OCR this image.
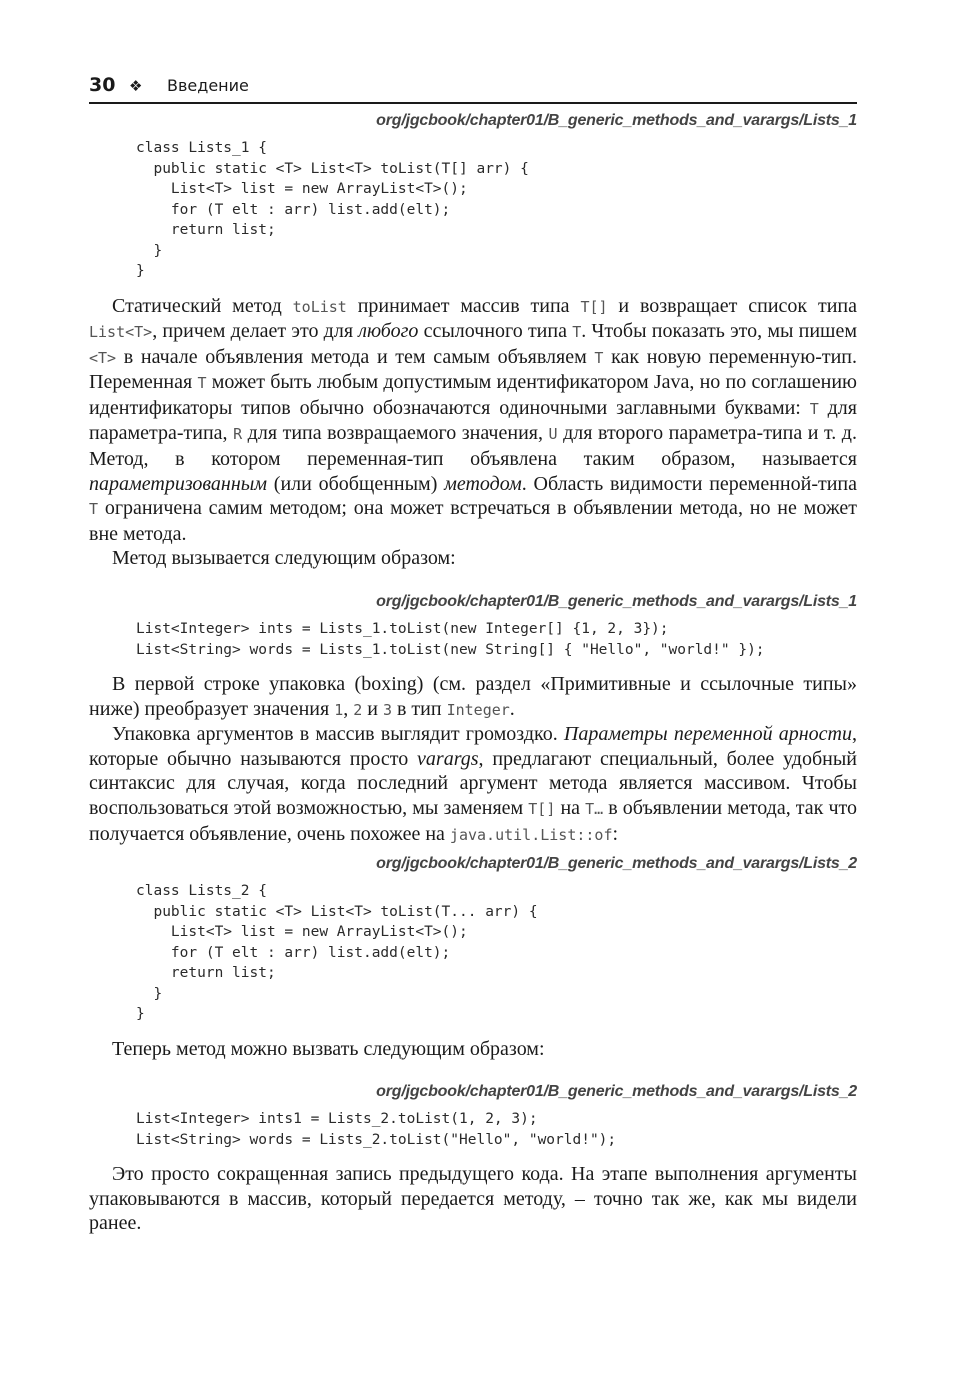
30 ❖	Введение
org/jgcbook/chapter01/B_generic_methods_and_varargs/Lists_1
class Lists_1 {
public static <T> List<T> toList(T[] arr) {
List<T> list = new ArrayList<T>();
for (T elt : arr) list.add(elt);
return list;
}
}

Статический метод toList принимает массив типа T[] и возвращает список типа List<T>, причем делает это для любого ссылочного типа T. Чтобы показать это, мы пишем <T> в начале объявления метода и тем самым объявляем T как новую переменную-тип. Переменная T может быть любым допустимым идентификатором Java, но по соглашению идентификаторы типов обычно обозначаются одиночными заглавными буквами: T для параметра-типа, R для типа возвращаемого значения, U для второго параметра-типа и т. д. Метод, в котором переменная-тип объявлена таким образом, называется параметризованным (или обобщенным) методом. Область видимости переменной-типа T ограничена самим методом; она может встречаться в объявлении метода, но не может вне метода.

Метод вызывается следующим образом:

org/jgcbook/chapter01/B_generic_methods_and_varargs/Lists_1
List<Integer> ints = Lists_1.toList(new Integer[] {1, 2, 3});
List<String> words = Lists_1.toList(new String[] { "Hello", "world!" });

В первой строке упаковка (boxing) (см. раздел «Примитивные и ссылочные типы» ниже) преобразует значения 1, 2 и 3 в тип Integer.

Упаковка аргументов в массив выглядит громоздко. Параметры переменной арности, которые обычно называются просто varargs, предлагают специальный, более удобный синтаксис для случая, когда последний аргумент метода является массивом. Чтобы воспользоваться этой возможностью, мы заменяем T[] на T… в объявлении метода, так что получается объявление, очень похожее на java.util.List::of:

org/jgcbook/chapter01/B_generic_methods_and_varargs/Lists_2
class Lists_2 {
public static <T> List<T> toList(T... arr) {
List<T> list = new ArrayList<T>();
for (T elt : arr) list.add(elt);
return list;
}
}

Теперь метод можно вызвать следующим образом:

org/jgcbook/chapter01/B_generic_methods_and_varargs/Lists_2
List<Integer> ints1 = Lists_2.toList(1, 2, 3);
List<String> words = Lists_2.toList("Hello", "world!");

Это просто сокращенная запись предыдущего кода. На этапе выполнения аргументы упаковываются в массив, который передается методу, – точно так же, как мы видели ранее.
